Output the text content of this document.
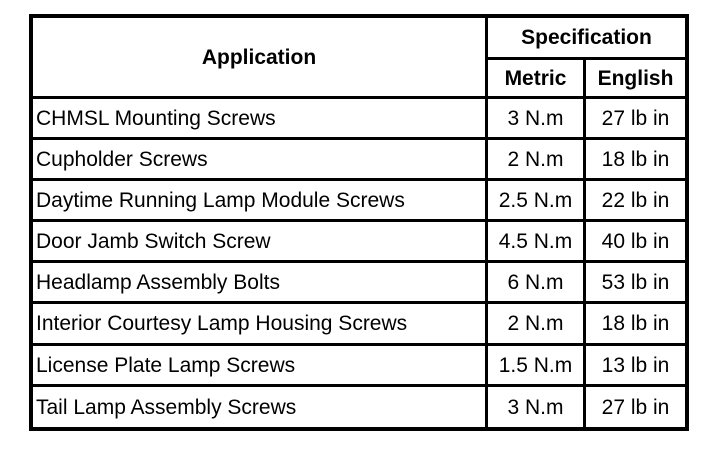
Application
Specification
Metric	English
CHMSL Mounting Screws	3 N.m	27 lb in
Cupholder Screws	2 N.m	18 lb in
Daytime Running Lamp Module Screws	2.5 N.m	22 lb in
Door Jamb Switch Screw	4.5 N.m	40 lb in
Headlamp Assembly Bolts	6 N.m	53 lb in
Interior Courtesy Lamp Housing Screws	2 N.m	18 lb in
License Plate Lamp Screws	1.5 N.m	13 lb in
Tail Lamp Assembly Screws	3 N.m	27 lb in
